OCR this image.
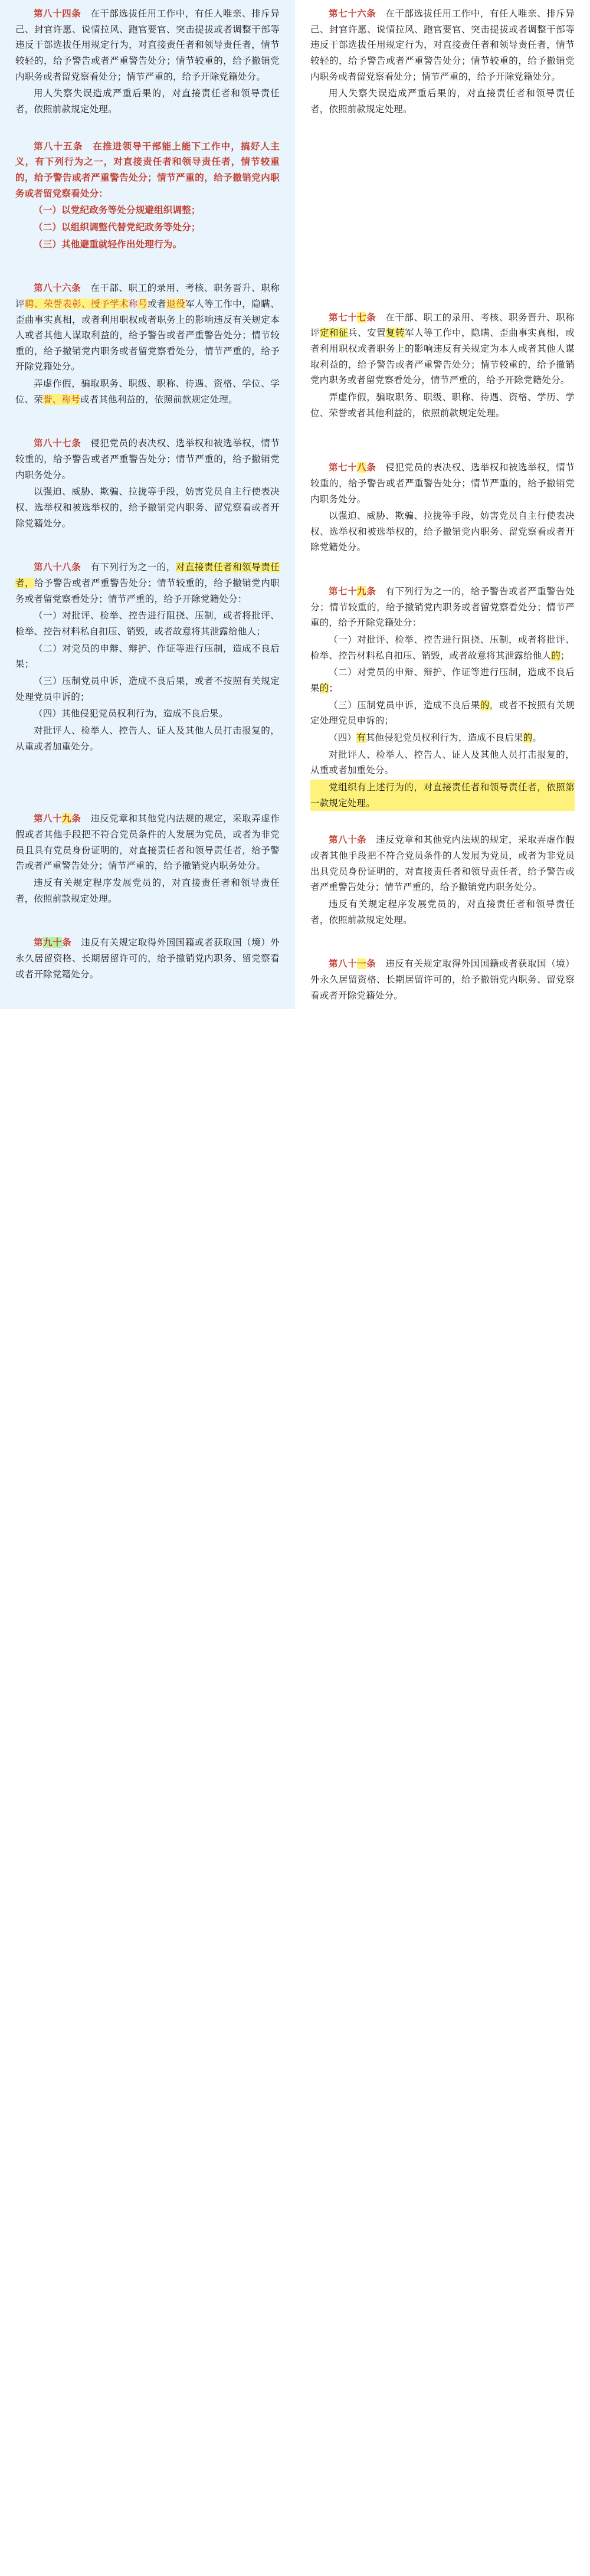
第八十四条　在干部选拔任用工作中，有任人唯亲、排斥异己、封官许愿、说情拉风、跑官要官、突击提拔或者调整干部等违反干部选拔任用规定行为，对直接责任者和领导责任者，情节较轻的，给予警告或者严重警告处分；情节较重的，给予撤销党内职务或者留党察看处分；情节严重的，给予开除党籍处分。

用人失察失误造成严重后果的，对直接责任者和领导责任者，依照前款规定处理。

第八十五条　在推进领导干部能上能下工作中，搞好人主义，有下列行为之一，对直接责任者和领导责任者，情节较重的，给予警告或者严重警告处分；情节严重的，给予撤销党内职务或者留党察看处分：

（一）以党纪政务等处分规避组织调整；

（二）以组织调整代替党纪政务等处分；

（三）其他避重就轻作出处理行为。

第八十六条　在干部、职工的录用、考核、职务晋升、职称评聘、荣誉表彰、授予学术称号或者退役军人等工作中，隐瞒、歪曲事实真相，或者利用职权或者职务上的影响违反有关规定本人或者其他人谋取利益的，给予警告或者严重警告处分；情节较重的，给予撤销党内职务或者留党察看处分，情节严重的，给予开除党籍处分。

弄虚作假，骗取职务、职级、职称、待遇、资格、学位、学位、荣誉、称号或者其他利益的，依照前款规定处理。

第八十七条　侵犯党员的表决权、选举权和被选举权，情节较重的，给予警告或者严重警告处分；情节严重的，给予撤销党内职务处分。

以强迫、威胁、欺骗、拉拢等手段，妨害党员自主行使表决权、选举权和被选举权的，给予撤销党内职务、留党察看或者开除党籍处分。

第八十八条　有下列行为之一的，对直接责任者和领导责任者，给予警告或者严重警告处分；情节较重的，给予撤销党内职务或者留党察看处分；情节严重的，给予开除党籍处分：

（一）对批评、检举、控告进行阻挠、压制，或者将批评、检举、控告材料私自扣压、销毁，或者故意将其泄露给他人；

（二）对党员的申辩、辩护、作证等进行压制，造成不良后果；

（三）压制党员申诉，造成不良后果，或者不按照有关规定处理党员申诉的；

（四）其他侵犯党员权利行为，造成不良后果。

对批评人、检举人、控告人、证人及其他人员打击报复的，从重或者加重处分。

第八十九条　违反党章和其他党内法规的规定，采取弄虚作假或者其他手段把不符合党员条件的人发展为党员，或者为非党员且具有党员身份证明的，对直接责任者和领导责任者，给予警告或者严重警告处分；情节严重的，给予撤销党内职务处分。

违反有关规定程序发展党员的，对直接责任者和领导责任者，依照前款规定处理。

第九十条　违反有关规定取得外国国籍或者获取国（境）外永久居留资格、长期居留许可的，给予撤销党内职务、留党察看或者开除党籍处分。

第七十六条　在干部选拔任用工作中，有任人唯亲、排斥异己、封官许愿、说情拉风、跑官要官、突击提拔或者调整干部等违反干部选拔任用规定行为，对直接责任者和领导责任者，情节较轻的，给予警告或者严重警告处分；情节较重的，给予撤销党内职务或者留党察看处分；情节严重的，给予开除党籍处分。

用人失察失误造成严重后果的，对直接责任者和领导责任者，依照前款规定处理。

第七十七条　在干部、职工的录用、考核、职务晋升、职称评定和征兵、安置复转军人等工作中，隐瞒、歪曲事实真相，或者利用职权或者职务上的影响违反有关规定为本人或者其他人谋取利益的，给予警告或者严重警告处分；情节较重的，给予撤销党内职务或者留党察看处分，情节严重的，给予开除党籍处分。

弄虚作假，骗取职务、职级、职称、待遇、资格、学历、学位、荣誉或者其他利益的，依照前款规定处理。

第七十八条　侵犯党员的表决权、选举权和被选举权，情节较重的，给予警告或者严重警告处分；情节严重的，给予撤销党内职务处分。

以强迫、威胁、欺骗、拉拢等手段，妨害党员自主行使表决权、选举权和被选举权的，给予撤销党内职务、留党察看或者开除党籍处分。

第七十九条　有下列行为之一的，给予警告或者严重警告处分；情节较重的，给予撤销党内职务或者留党察看处分；情节严重的，给予开除党籍处分：

（一）对批评、检举、控告进行阻挠、压制，或者将批评、检举、控告材料私自扣压、销毁，或者故意将其泄露给他人的；

（二）对党员的申辩、辩护、作证等进行压制，造成不良后果的；

（三）压制党员申诉，造成不良后果的，或者不按照有关规定处理党员申诉的；

（四）有其他侵犯党员权利行为，造成不良后果的。

对批评人、检举人、控告人、证人及其他人员打击报复的，从重或者加重处分。

党组织有上述行为的，对直接责任者和领导责任者，依照第一款规定处理。

第八十条　违反党章和其他党内法规的规定，采取弄虚作假或者其他手段把不符合党员条件的人发展为党员，或者为非党员出具党员身份证明的，对直接责任者和领导责任者，给予警告或者严重警告处分；情节严重的，给予撤销党内职务处分。

违反有关规定程序发展党员的，对直接责任者和领导责任者，依照前款规定处理。

第八十一条　违反有关规定取得外国国籍或者获取国（境）外永久居留资格、长期居留许可的，给予撤销党内职务、留党察看或者开除党籍处分。
